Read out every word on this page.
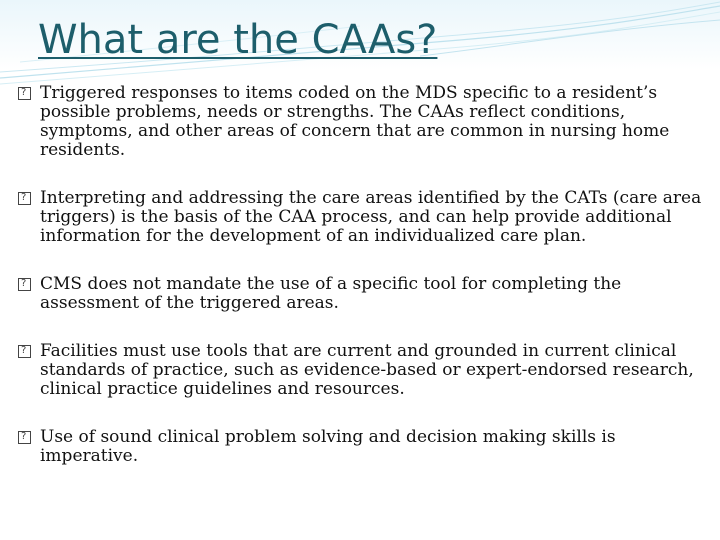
What are the CAAs?
?
Triggered responses to items coded on the MDS specific to a resident’s possible problems, needs or strengths. The CAAs reflect conditions, symptoms, and other areas of concern that are common in nursing home residents.
?
Interpreting and addressing the care areas identified by the CATs (care area triggers) is the basis of the CAA process, and can help provide additional information for the development of an individualized care plan.
?
CMS does not mandate the use of a specific tool for completing the assessment of the triggered areas.
?
Facilities must use tools that are current and grounded in current clinical standards of practice, such as evidence-based or expert-endorsed research, clinical practice guidelines and resources.
?
Use of sound clinical problem solving and decision making skills is imperative.
